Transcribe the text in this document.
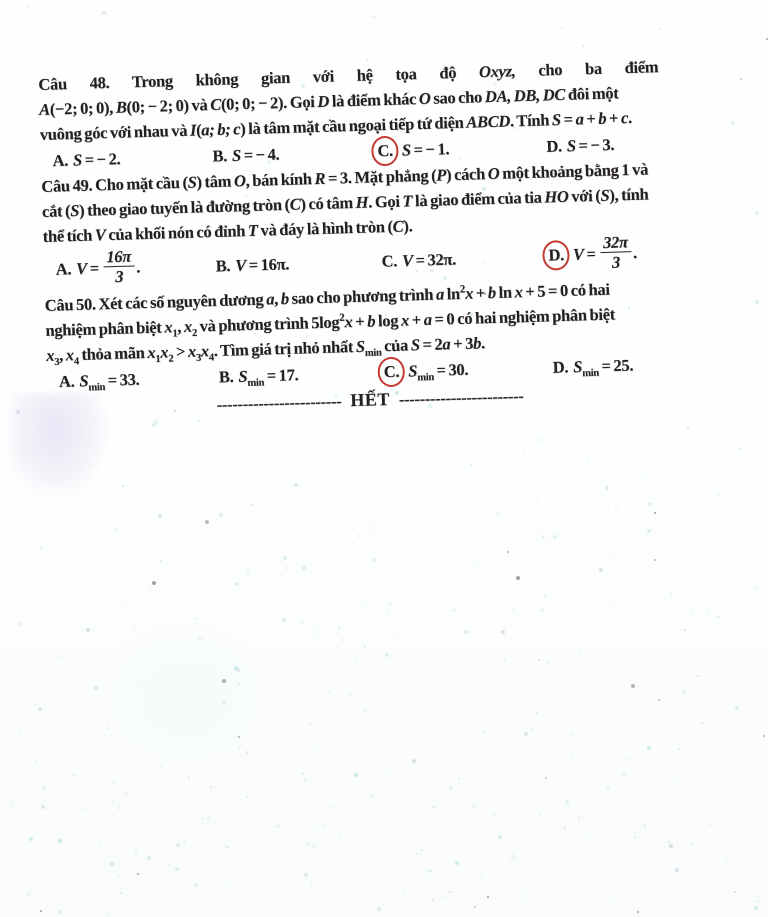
Câu 48. Trong không gian với hệ tọa độ Oxyz, cho ba điểm
A(−2; 0; 0), B(0; − 2; 0) và C(0; 0; − 2). Gọi D là điểm khác O sao cho DA, DB, DC đôi một
vuông góc với nhau và I(a; b; c) là tâm mặt cầu ngoại tiếp tứ diện ABCD. Tính S = a + b + c.
A. S = − 2.	B. S = − 4.	C. S = − 1.	D. S = − 3.
Câu 49. Cho mặt cầu (S) tâm O, bán kính R = 3. Mặt phẳng (P) cách O một khoảng bằng 1 và
cắt (S) theo giao tuyến là đường tròn (C) có tâm H. Gọi T là giao điểm của tia HO với (S), tính
thể tích V của khối nón có đỉnh T và đáy là hình tròn (C).
A. $V = \frac{16\pi}{3}$ .	B. V = 16π.	C. V = 32π.	D. $V = \frac{32\pi}{3}$ .
Câu 50. Xét các số nguyên dương a, b sao cho phương trình a $\ln^2x + b$ ln x + 5 = 0 có hai
nghiệm phân biệt $x_1$, $x_2$ và phương trình $5\log^2x + b$ log x + a = 0 có hai nghiệm phân biệt
$x_3$, $x_4$ thỏa mãn $x_1x_2 > x_3x_4$. Tìm giá trị nhỏ nhất $S_{min}$ của S = 2a + 3b.
A. $S_{min} = 33$.	B. $S_{min} = 17$.	C. $S_{min} = 30$.	D. $S_{min} = 25$.
------------------------ HẾT ------------------------
